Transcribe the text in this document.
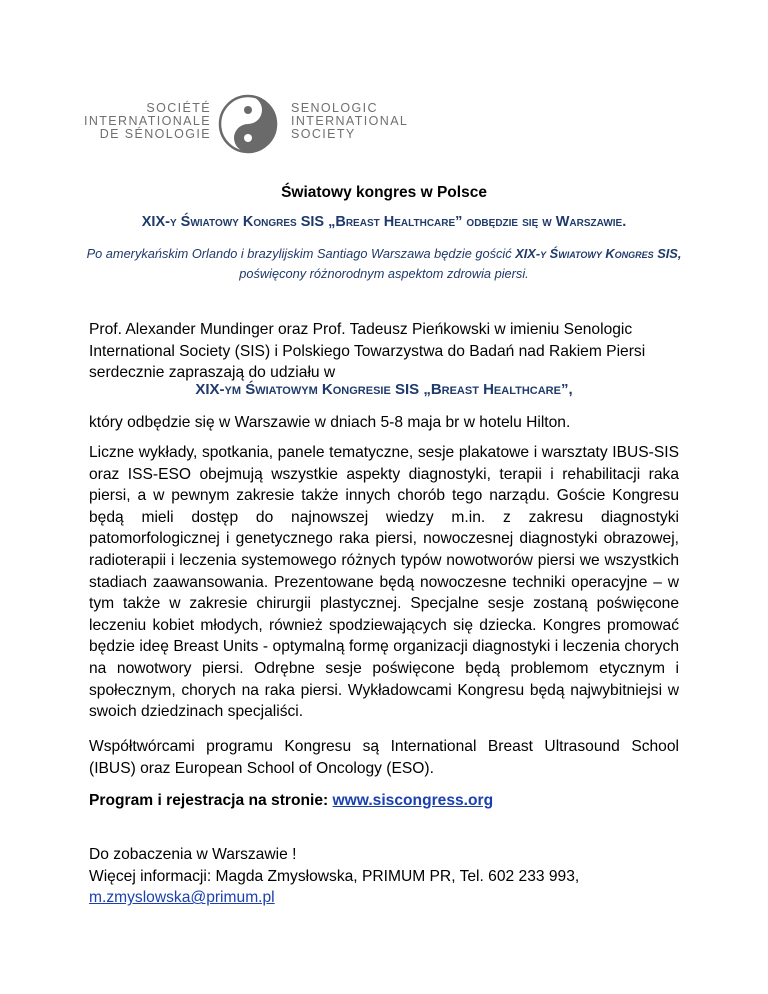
SOCIÉTÉ
INTERNATIONALE
DE SÉNOLOGIE
SENOLOGIC
INTERNATIONAL
SOCIETY
Światowy kongres w Polsce
XIX-y Światowy Kongres SIS „Breast Healthcare” odbędzie się w Warszawie.
Po amerykańskim Orlando i brazylijskim Santiago Warszawa będzie gościć XIX-y Światowy Kongres SIS, poświęcony różnorodnym aspektom zdrowia piersi.
Prof. Alexander Mundinger oraz Prof. Tadeusz Pieńkowski w imieniu Senologic International Society (SIS) i Polskiego Towarzystwa do Badań nad Rakiem Piersi serdecznie zapraszają do udziału w
XIX-ym Światowym Kongresie SIS „Breast Healthcare”,
który odbędzie się w Warszawie w dniach 5-8 maja br w hotelu Hilton.
Liczne wykłady, spotkania, panele tematyczne, sesje plakatowe i warsztaty IBUS-SIS oraz ISS-ESO obejmują wszystkie aspekty diagnostyki, terapii i rehabilitacji raka piersi, a w pewnym zakresie także innych chorób tego narządu. Goście Kongresu będą mieli dostęp do najnowszej wiedzy m.in. z zakresu diagnostyki patomorfologicznej i genetycznego raka piersi, nowoczesnej diagnostyki obrazowej, radioterapii i leczenia systemowego różnych typów nowotworów piersi we wszystkich stadiach zaawansowania. Prezentowane będą nowoczesne techniki operacyjne – w tym także w zakresie chirurgii plastycznej. Specjalne sesje zostaną poświęcone leczeniu kobiet młodych, również spodziewających się dziecka. Kongres promować będzie ideę Breast Units - optymalną formę organizacji diagnostyki i leczenia chorych na nowotwory piersi. Odrębne sesje poświęcone będą problemom etycznym i społecznym, chorych na raka piersi. Wykładowcami Kongresu będą najwybitniejsi w swoich dziedzinach specjaliści.
Współtwórcami programu Kongresu są International Breast Ultrasound School (IBUS) oraz European School of Oncology (ESO).
Program i rejestracja na stronie: www.siscongress.org
Do zobaczenia w Warszawie !
Więcej informacji: Magda Zmysłowska, PRIMUM PR, Tel. 602 233 993,
m.zmyslowska@primum.pl
